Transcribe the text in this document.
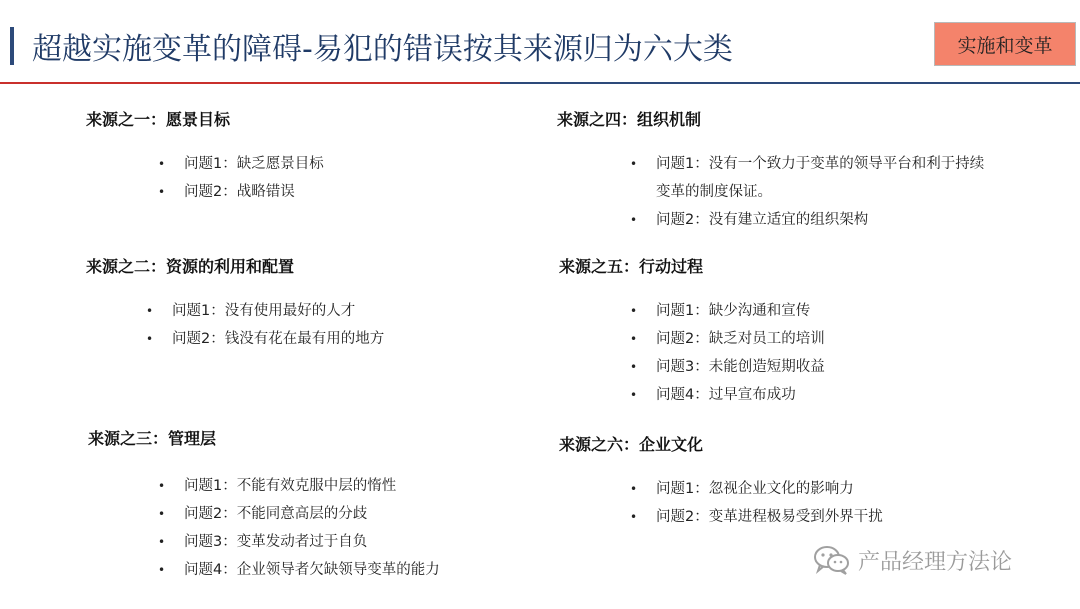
超越实施变革的障碍-易犯的错误按其来源归为六大类	实施和变革
来源之一：愿景目标
• 问题1：缺乏愿景目标
• 问题2：战略错误
来源之二：资源的利用和配置
• 问题1：没有使用最好的人才
• 问题2：钱没有花在最有用的地方
来源之三：管理层
• 问题1：不能有效克服中层的惰性
• 问题2：不能同意高层的分歧
• 问题3：变革发动者过于自负
• 问题4：企业领导者欠缺领导变革的能力
来源之四：组织机制
• 问题1：没有一个致力于变革的领导平台和利于持续变革的制度保证。
• 问题2：没有建立适宜的组织架构
来源之五：行动过程
• 问题1：缺少沟通和宣传
• 问题2：缺乏对员工的培训
• 问题3：未能创造短期收益
• 问题4：过早宣布成功
来源之六：企业文化
• 问题1：忽视企业文化的影响力
• 问题2：变革进程极易受到外界干扰
产品经理方法论
